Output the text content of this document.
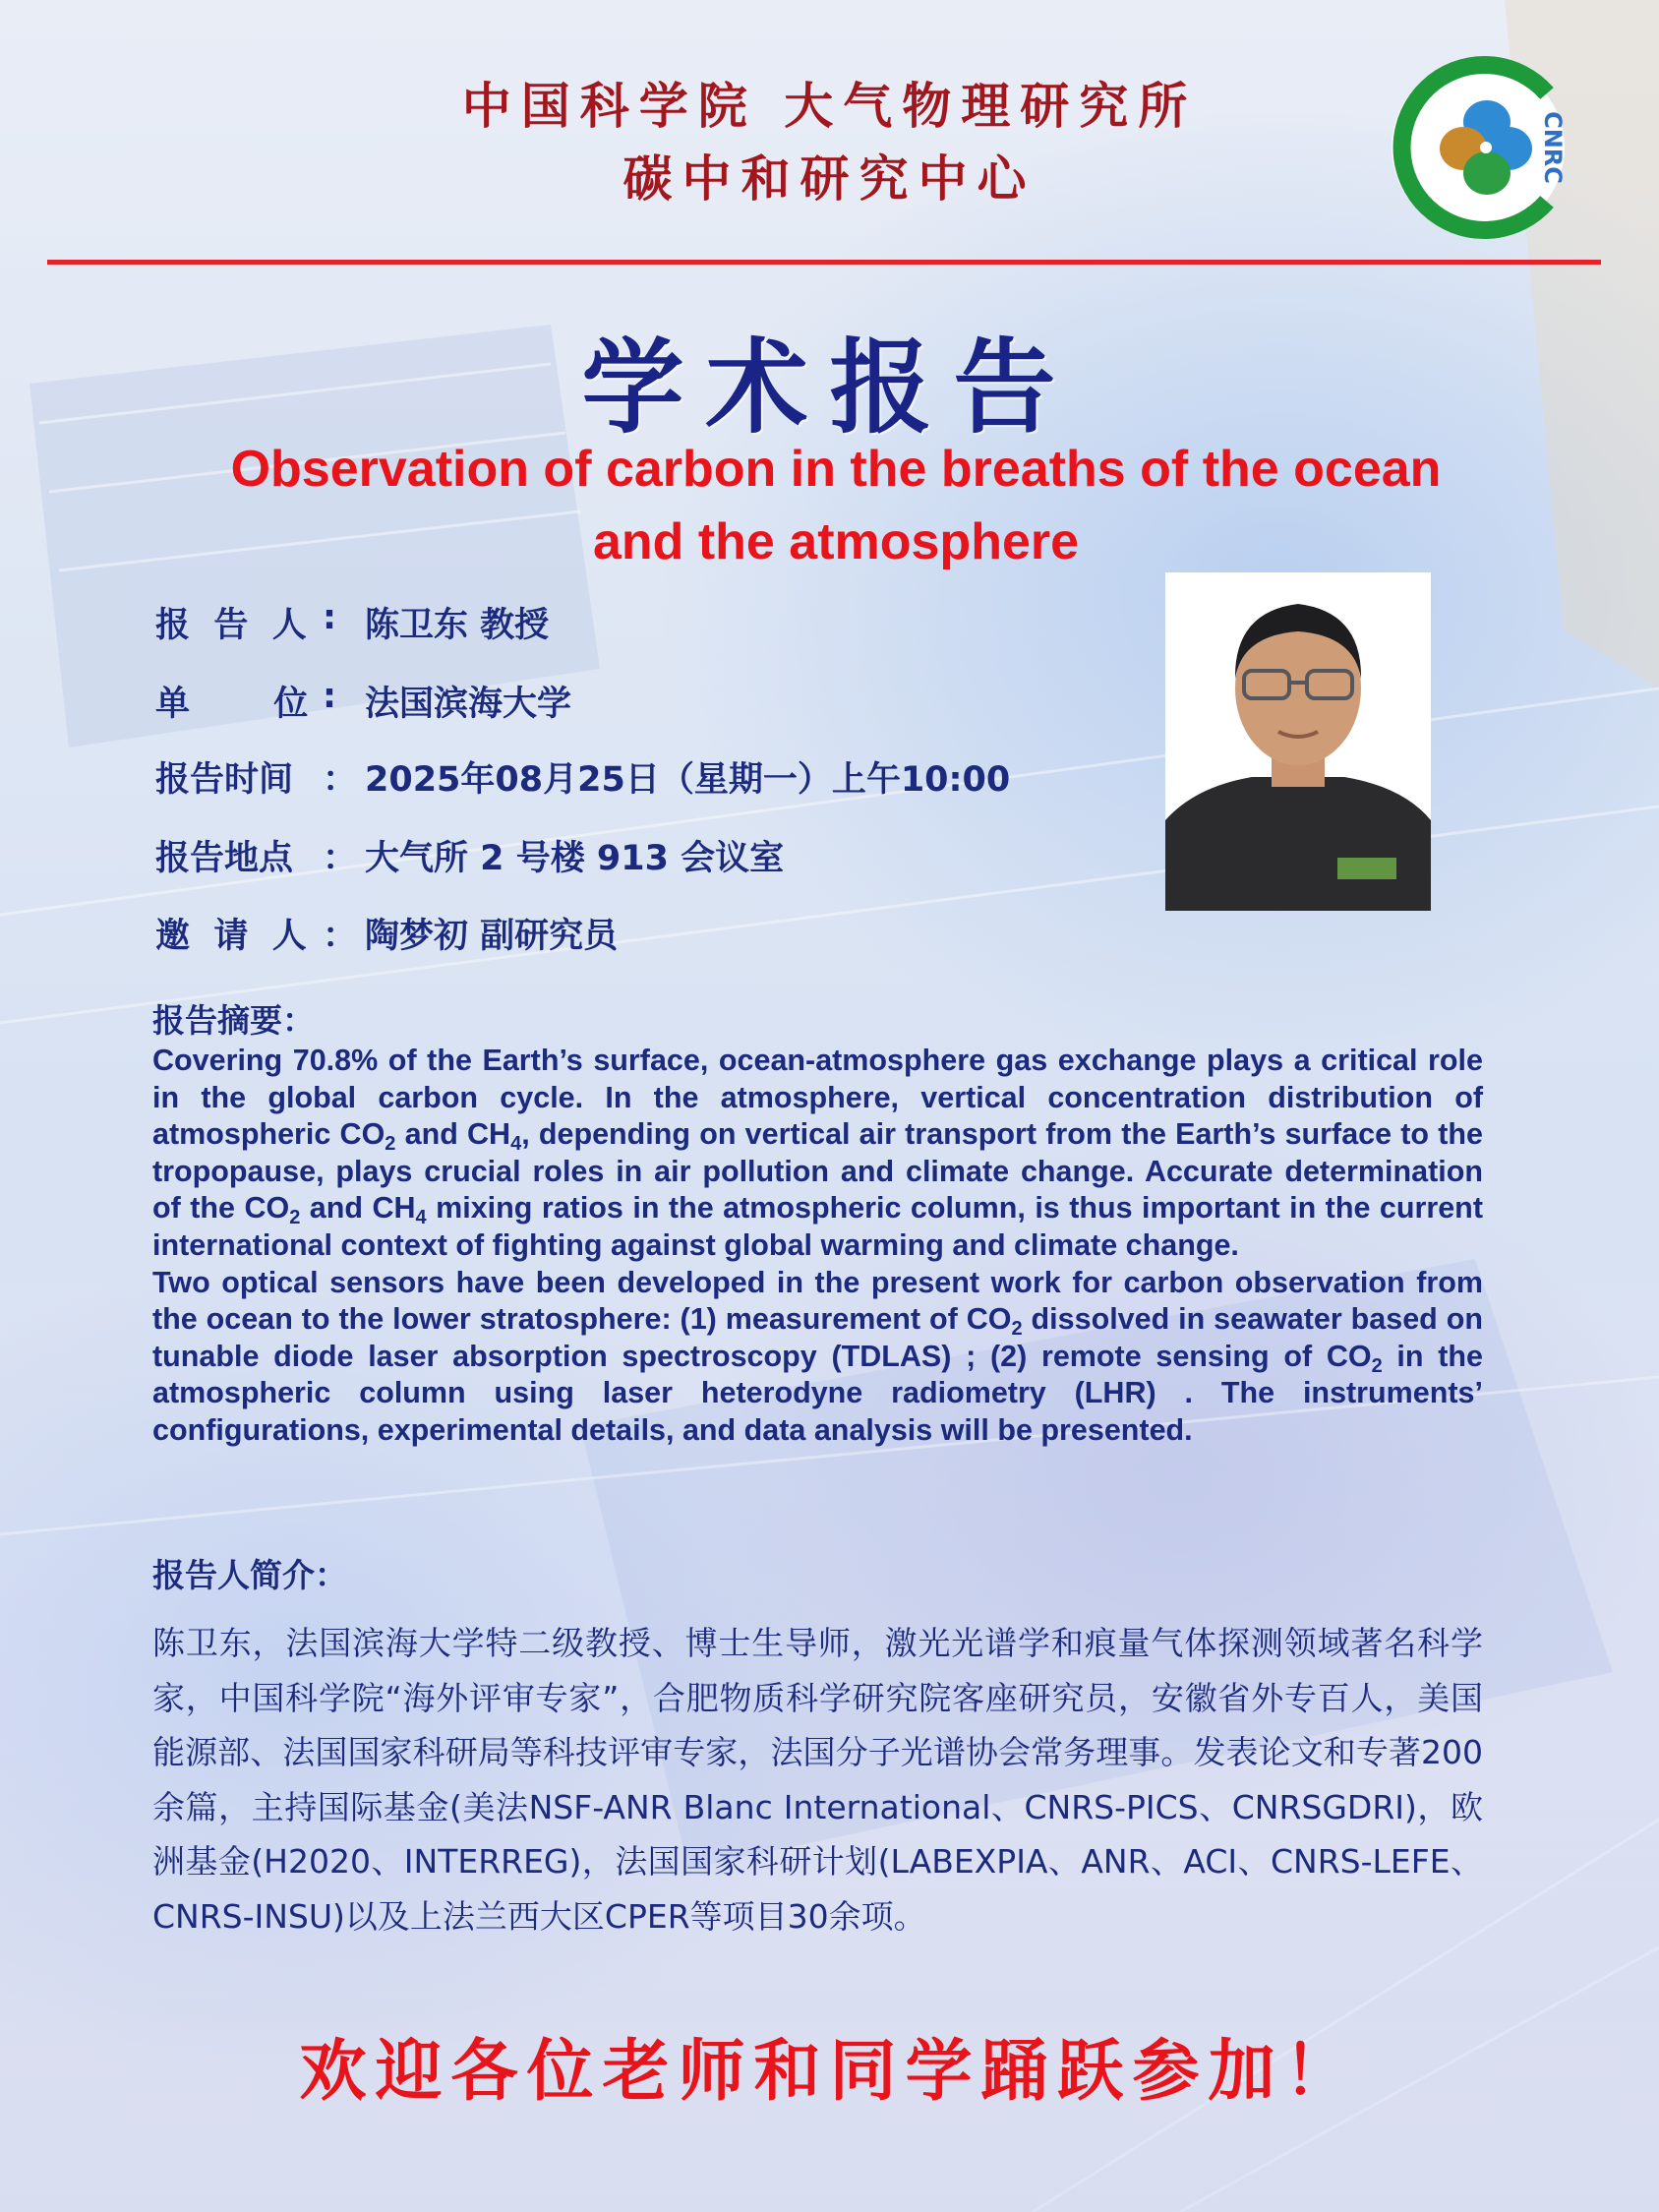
中国科学院 大气物理研究所
碳中和研究中心	CNRC
学术报告
Observation of carbon in the breaths of the ocean
and the atmosphere
报  告  人 : 陈卫东 教授
单       位 : 法国滨海大学
报告时间 ： 2025年08月25日（星期一）上午10:00
报告地点 ： 大气所 2 号楼 913 会议室
邀  请  人 ： 陶梦初 副研究员
报告摘要：

Covering 70.8% of the Earth’s surface, ocean-atmosphere gas exchange plays a critical role in the global carbon cycle. In the atmosphere, vertical concentration distribution of atmospheric $CO_2$ and $CH_4$, depending on vertical air transport from the Earth’s surface to the tropopause, plays crucial roles in air pollution and climate change. Accurate determination of the $CO_2$ and $CH_4$ mixing ratios in the atmospheric column, is thus important in the current international context of fighting against global warming and climate change.

Two optical sensors have been developed in the present work for carbon observation from the ocean to the lower stratosphere: (1) measurement of $CO_2$ dissolved in seawater based on tunable diode laser absorption spectroscopy (TDLAS) ; (2) remote sensing of $CO_2$ in the atmospheric column using laser heterodyne radiometry (LHR) . The instruments’ configurations, experimental details, and data analysis will be presented.

报告人简介：
陈卫东，法国滨海大学特二级教授、博士生导师，激光光谱学和痕量气体探测领域著名科学家，中国科学院“海外评审专家”，合肥物质科学研究院客座研究员，安徽省外专百人，美国能源部、法国国家科研局等科技评审专家，法国分子光谱协会常务理事。发表论文和专著200余篇，主持国际基金(美法NSF-ANR Blanc International、CNRS-PICS、CNRSGDRI)，欧洲基金(H2020、INTERREG)，法国国家科研计划(LABEXPIA、ANR、ACI、CNRS-LEFE、CNRS-INSU)以及上法兰西大区CPER等项目30余项。
欢迎各位老师和同学踊跃参加！
